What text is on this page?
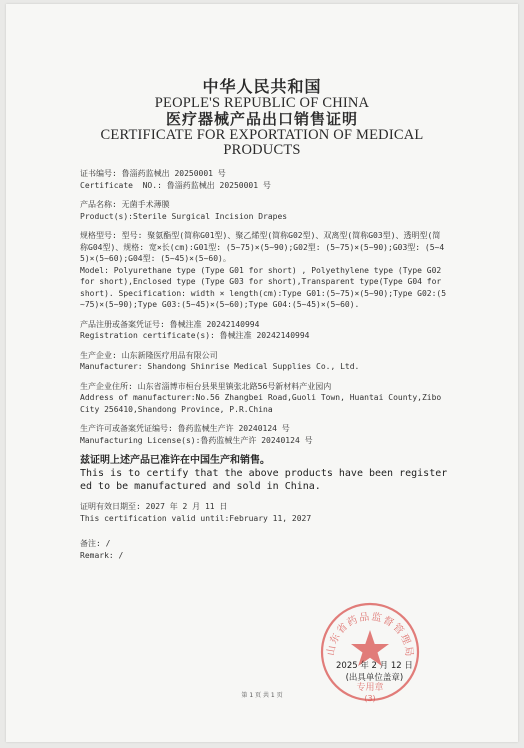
中华人民共和国
PEOPLE'S REPUBLIC OF CHINA
医疗器械产品出口销售证明
CERTIFICATE FOR EXPORTATION OF MEDICAL
PRODUCTS

证书编号: 鲁淄药监械出 20250001 号

Certificate  NO.: 鲁淄药监械出 20250001 号

产品名称: 无菌手术薄膜

Product(s):Sterile Surgical Incision Drapes

规格型号: 型号: 聚氨酯型(简称G01型)、聚乙烯型(简称G02型)、双离型(简称G03型)、透明型(简称G04型)、规格: 宽×长(cm):G01型: (5~75)×(5~90);G02型: (5~75)×(5~90);G03型: (5~45)×(5~60);G04型: (5~45)×(5~60)。

Model: Polyurethane type (Type G01 for short) , Polyethylene type (Type G02 for short),Enclosed type (Type G03 for short),Transparent type(Type G04 for short). Specification: width × length(cm):Type G01:(5~75)×(5~90);Type G02:(5~75)×(5~90);Type G03:(5~45)×(5~60);Type G04:(5~45)×(5~60).

产品注册或备案凭证号: 鲁械注准 20242140994

Registration certificate(s): 鲁械注准 20242140994

生产企业: 山东新隆医疗用品有限公司

Manufacturer: Shandong Shinrise Medical Supplies Co., Ltd.

生产企业住所: 山东省淄博市桓台县果里镇张北路56号新材料产业园内

Address of manufacturer:No.56 Zhangbei Road,Guoli Town, Huantai County,Zibo City 256410,Shandong Province, P.R.China

生产许可或备案凭证编号: 鲁药监械生产许 20240124 号

Manufacturing License(s):鲁药监械生产许 20240124 号

兹证明上述产品已准许在中国生产和销售。

This is to certify that the above products have been registered to be manufactured and sold in China.

证明有效日期至: 2027 年 2 月 11 日

This certification valid until:February 11, 2027

备注: /

Remark: /

山东省药品监督管理局
专用章
(3)
2025 年 2 月 12 日
(出具单位盖章)
第 1 页 共 1 页
